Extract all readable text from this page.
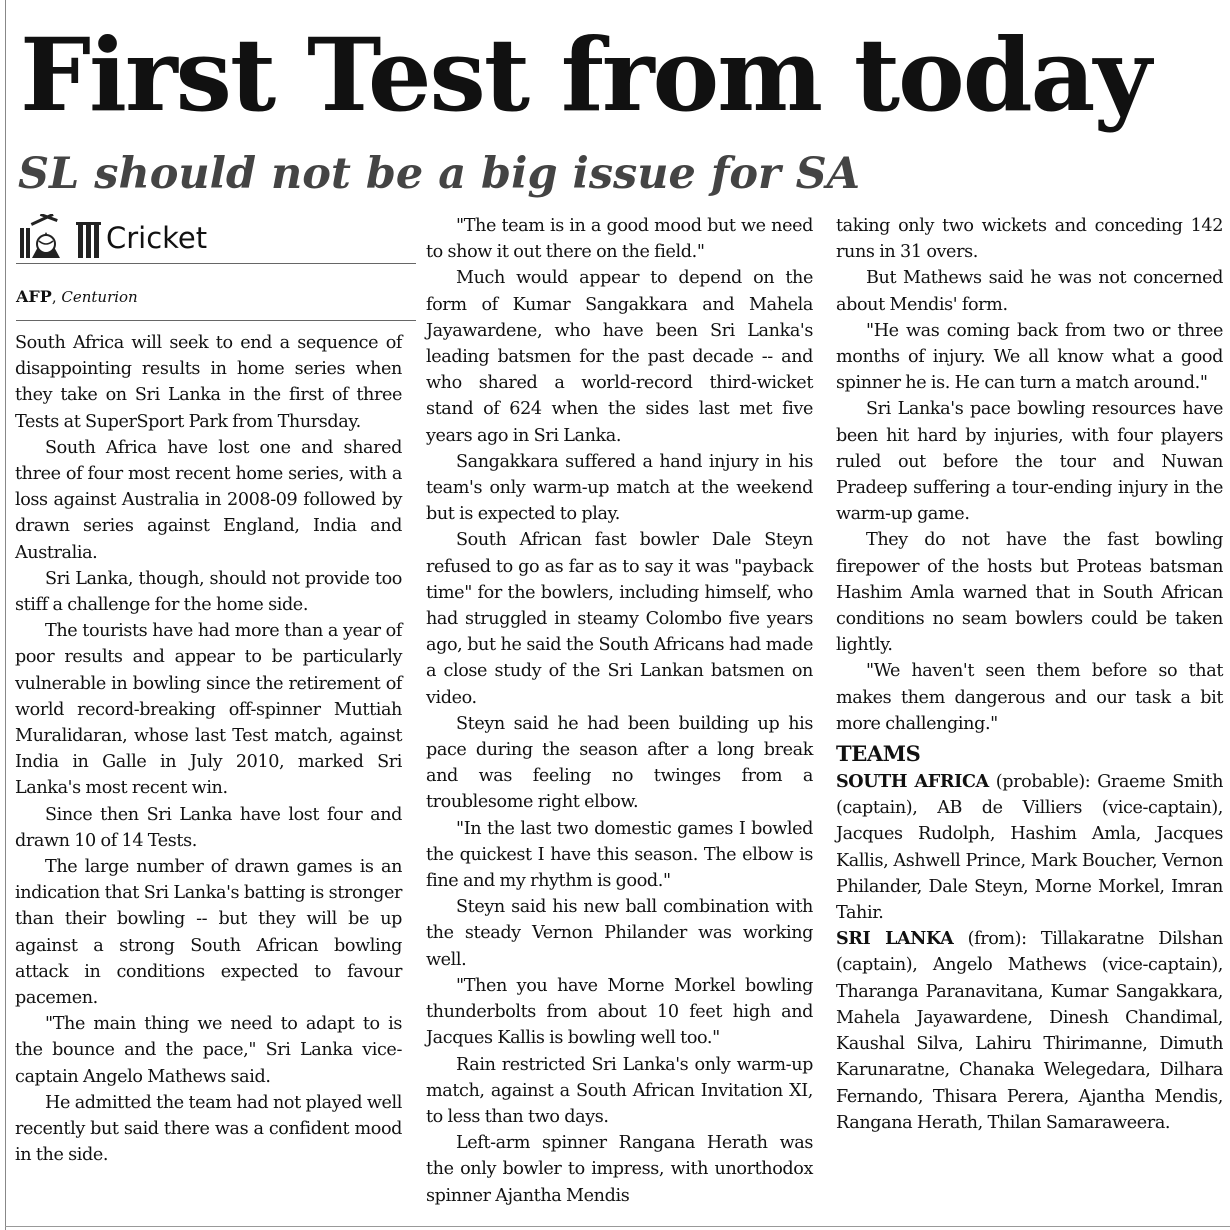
First Test from today
SL should not be a big issue for SA
Cricket
AFP, Centurion

South Africa will seek to end a sequence of disappointing results in home series when they take on Sri Lanka in the first of three Tests at SuperSport Park from Thursday.

South Africa have lost one and shared three of four most recent home series, with a loss against Australia in 2008-09 followed by drawn series against England, India and Australia.

Sri Lanka, though, should not provide too stiff a challenge for the home side.

The tourists have had more than a year of poor results and appear to be particularly vulnerable in bowling since the retirement of world record-breaking off-spinner Muttiah Muralidaran, whose last Test match, against India in Galle in July 2010, marked Sri Lanka's most recent win.

Since then Sri Lanka have lost four and drawn 10 of 14 Tests.

The large number of drawn games is an indication that Sri Lanka's batting is stronger than their bowling -- but they will be up against a strong South African bowling attack in conditions expected to favour pacemen.

"The main thing we need to adapt to is the bounce and the pace," Sri Lanka vice-captain Angelo Mathews said.

He admitted the team had not played well recently but said there was a confident mood in the side.

"The team is in a good mood but we need to show it out there on the field."

Much would appear to depend on the form of Kumar Sangakkara and Mahela Jayawardene, who have been Sri Lanka's leading batsmen for the past decade -- and who shared a world-record third-wicket stand of 624 when the sides last met five years ago in Sri Lanka.

Sangakkara suffered a hand injury in his team's only warm-up match at the weekend but is expected to play.

South African fast bowler Dale Steyn refused to go as far as to say it was "payback time" for the bowlers, including himself, who had struggled in steamy Colombo five years ago, but he said the South Africans had made a close study of the Sri Lankan batsmen on video.

Steyn said he had been building up his pace during the season after a long break and was feeling no twinges from a troublesome right elbow.

"In the last two domestic games I bowled the quickest I have this season. The elbow is fine and my rhythm is good."

Steyn said his new ball combination with the steady Vernon Philander was working well.

"Then you have Morne Morkel bowling thunderbolts from about 10 feet high and Jacques Kallis is bowling well too."

Rain restricted Sri Lanka's only warm-up match, against a South African Invitation XI, to less than two days.

Left-arm spinner Rangana Herath was the only bowler to impress, with unorthodox spinner Ajantha Mendis

taking only two wickets and conceding 142 runs in 31 overs.

But Mathews said he was not concerned about Mendis' form.

"He was coming back from two or three months of injury. We all know what a good spinner he is. He can turn a match around."

Sri Lanka's pace bowling resources have been hit hard by injuries, with four players ruled out before the tour and Nuwan Pradeep suffering a tour-ending injury in the warm-up game.

They do not have the fast bowling firepower of the hosts but Proteas batsman Hashim Amla warned that in South African conditions no seam bowlers could be taken lightly.

"We haven't seen them before so that makes them dangerous and our task a bit more challenging."

TEAMS

SOUTH AFRICA (probable): Graeme Smith (captain), AB de Villiers (vice-captain), Jacques Rudolph, Hashim Amla, Jacques Kallis, Ashwell Prince, Mark Boucher, Vernon Philander, Dale Steyn, Morne Morkel, Imran Tahir.

SRI LANKA (from): Tillakaratne Dilshan (captain), Angelo Mathews (vice-captain), Tharanga Paranavitana, Kumar Sangakkara, Mahela Jayawardene, Dinesh Chandimal, Kaushal Silva, Lahiru Thirimanne, Dimuth Karunaratne, Chanaka Welegedara, Dilhara Fernando, Thisara Perera, Ajantha Mendis, Rangana Herath, Thilan Samaraweera.
